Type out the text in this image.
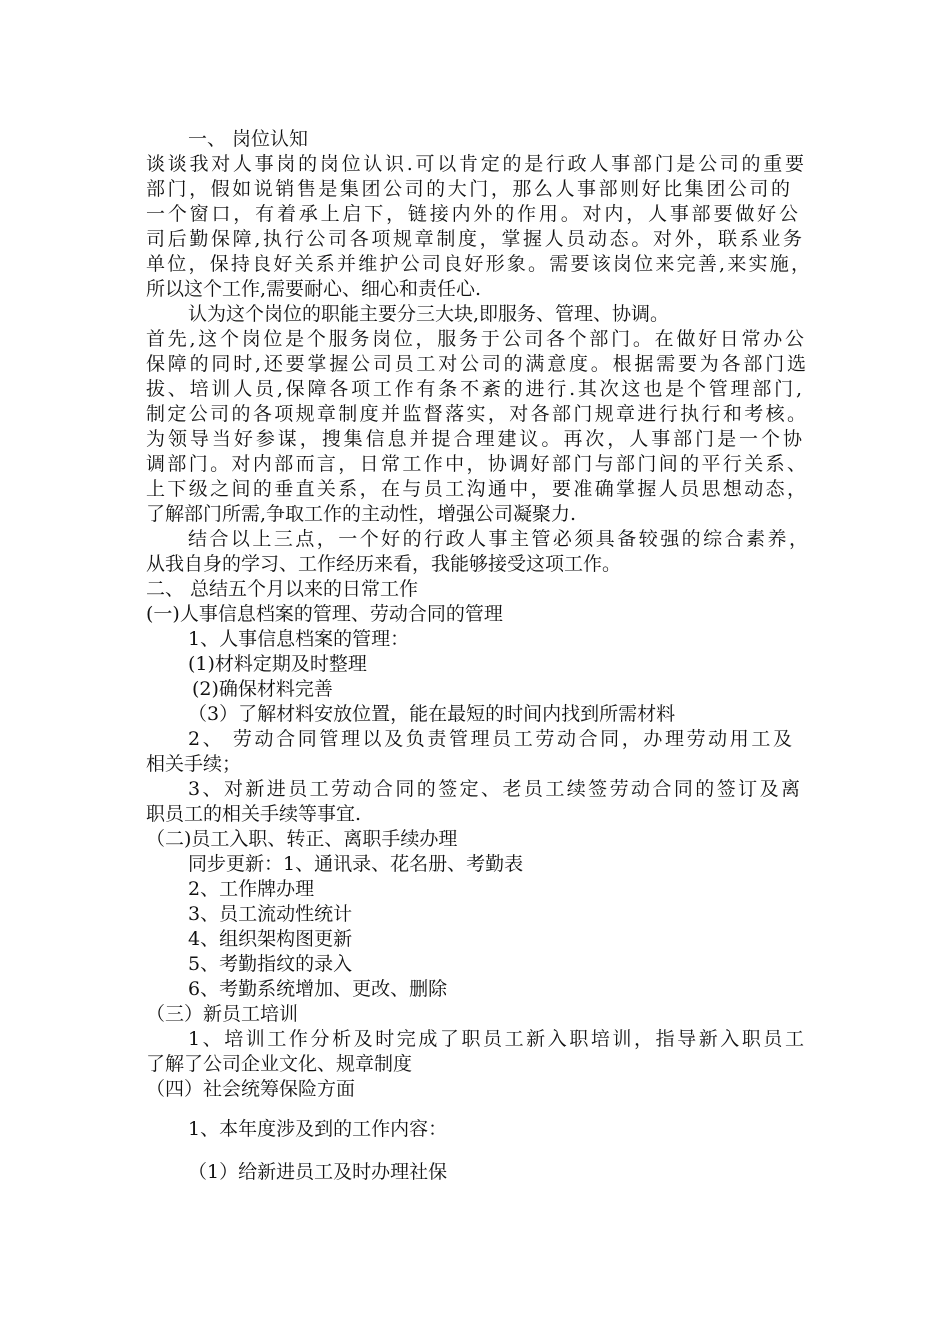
一、 岗位认知
谈谈我对人事岗的岗位认识.可以肯定的是行政人事部门是公司的重要
部门，假如说销售是集团公司的大门，那么人事部则好比集团公司的
一个窗口，有着承上启下，链接内外的作用。对内，人事部要做好公
司后勤保障,执行公司各项规章制度，掌握人员动态。对外，联系业务
单位，保持良好关系并维护公司良好形象。需要该岗位来完善,来实施，
所以这个工作,需要耐心、细心和责任心.
认为这个岗位的职能主要分三大块,即服务、管理、协调。
首先,这个岗位是个服务岗位，服务于公司各个部门。在做好日常办公
保障的同时,还要掌握公司员工对公司的满意度。根据需要为各部门选
拔、培训人员,保障各项工作有条不紊的进行.其次这也是个管理部门,
制定公司的各项规章制度并监督落实，对各部门规章进行执行和考核。
为领导当好参谋，搜集信息并提合理建议。再次，人事部门是一个协
调部门。对内部而言，日常工作中，协调好部门与部门间的平行关系、
上下级之间的垂直关系，在与员工沟通中，要准确掌握人员思想动态，
了解部门所需,争取工作的主动性，增强公司凝聚力.
结合以上三点，一个好的行政人事主管必须具备较强的综合素养，
从我自身的学习、工作经历来看，我能够接受这项工作。
二、 总结五个月以来的日常工作
(一)人事信息档案的管理、劳动合同的管理
1、人事信息档案的管理：
(1)材料定期及时整理
(2)确保材料完善
（3）了解材料安放位置，能在最短的时间内找到所需材料
2、 劳动合同管理以及负责管理员工劳动合同，办理劳动用工及
相关手续；
3、对新进员工劳动合同的签定、老员工续签劳动合同的签订及离
职员工的相关手续等事宜.
（二)员工入职、转正、离职手续办理
同步更新：1、通讯录、花名册、考勤表
2、工作牌办理
3、员工流动性统计
4、组织架构图更新
5、考勤指纹的录入
6、考勤系统增加、更改、删除
（三）新员工培训
1、培训工作分析及时完成了职员工新入职培训，指导新入职员工
了解了公司企业文化、规章制度
（四）社会统筹保险方面
1、本年度涉及到的工作内容：
（1）给新进员工及时办理社保
